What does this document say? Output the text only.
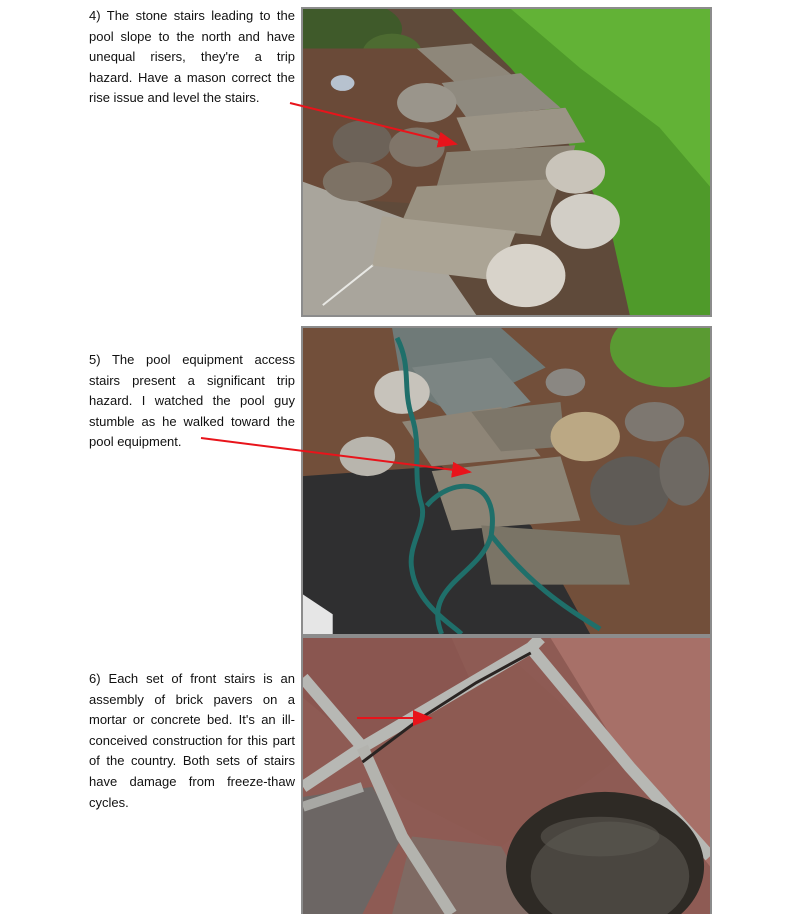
4) The stone stairs leading to the pool slope to the north and have unequal risers, they're a trip hazard. Have a mason correct the rise issue and level the stairs.

5) The pool equipment access stairs present a significant trip hazard. I watched the pool guy stumble as he walked toward the pool equipment.

6) Each set of front stairs is an assembly of brick pavers on a mortar or concrete bed. It's an ill-conceived construction for this part of the country. Both sets of stairs have damage from freeze-thaw cycles.
